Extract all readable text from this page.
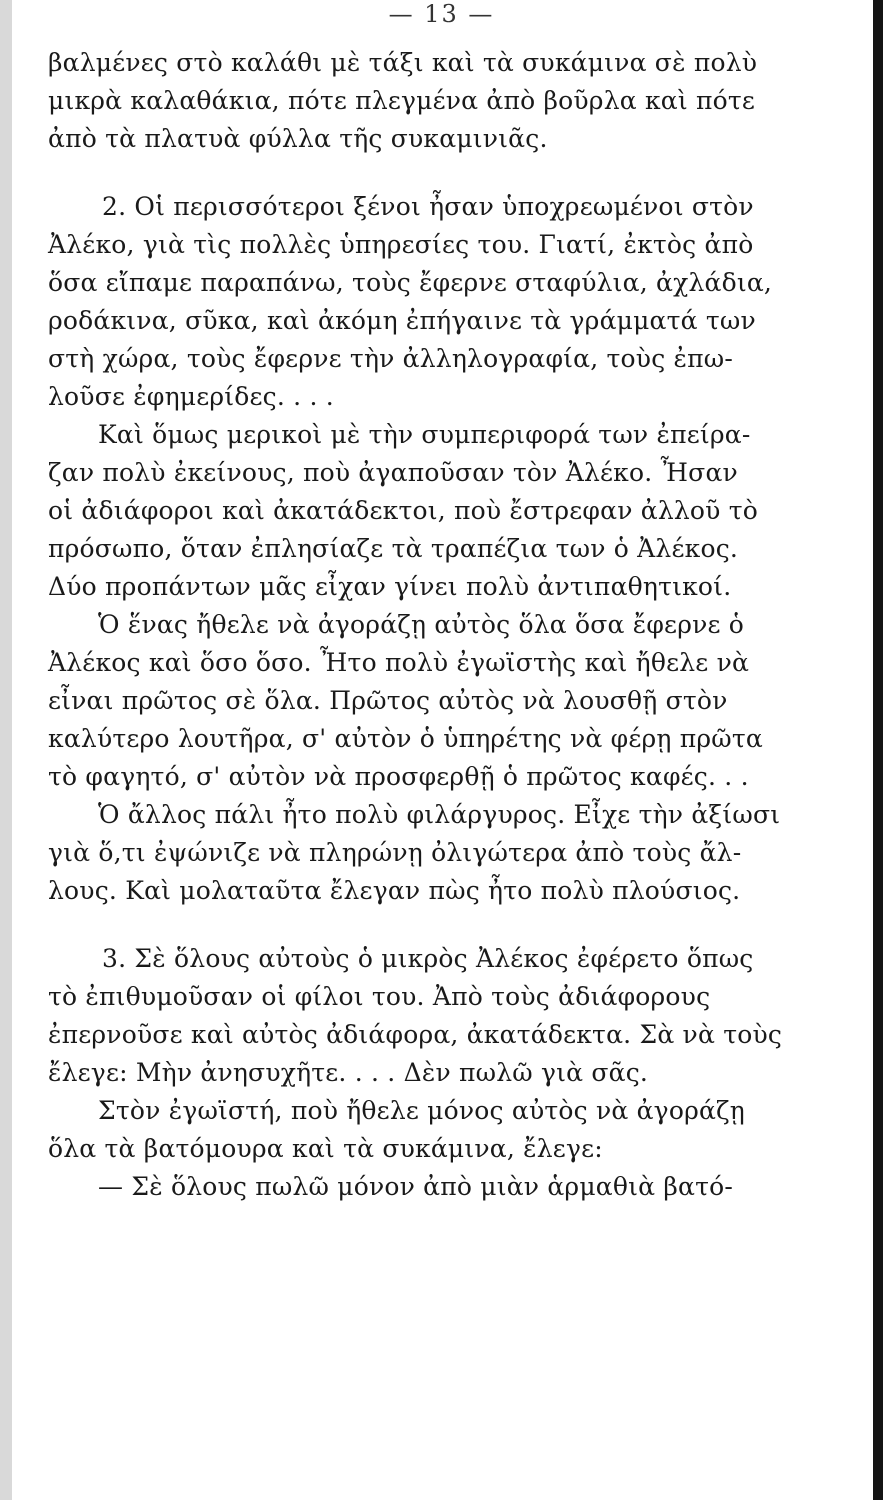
— 13 —
βαλμένες στὸ καλάθι μὲ τάξι καὶ τὰ συκάμινα σὲ πολὺ
μικρὰ καλαθάκια, πότε πλεγμένα ἀπὸ βοῦρλα καὶ πότε
ἀπὸ τὰ πλατυὰ φύλλα τῆς συκαμινιᾶς.
2. Οἱ περισσότεροι ξένοι ἦσαν ὑποχρεωμένοι στὸν
Ἀλέκο, γιὰ τὶς πολλὲς ὑπηρεσίες του. Γιατί, ἐκτὸς ἀπὸ
ὅσα εἴπαμε παραπάνω, τοὺς ἔφερνε σταφύλια, ἀχλάδια,
ροδάκινα, σῦκα, καὶ ἀκόμη ἐπήγαινε τὰ γράμματά των
στὴ χώρα, τοὺς ἔφερνε τὴν ἀλληλογραφία, τοὺς ἐπω-
λοῦσε ἐφημερίδες. . . .
Καὶ ὅμως μερικοὶ μὲ τὴν συμπεριφορά των ἐπείρα-
ζαν πολὺ ἐκείνους, ποὺ ἀγαποῦσαν τὸν Ἀλέκο. Ἦσαν
οἱ ἀδιάφοροι καὶ ἀκατάδεκτοι, ποὺ ἔστρεφαν ἀλλοῦ τὸ
πρόσωπο, ὅταν ἐπλησίαζε τὰ τραπέζια των ὁ Ἀλέκος.
Δύο προπάντων μᾶς εἶχαν γίνει πολὺ ἀντιπαθητικοί.
Ὁ ἕνας ἤθελε νὰ ἀγοράζῃ αὐτὸς ὅλα ὅσα ἔφερνε ὁ
Ἀλέκος καὶ ὅσο ὅσο. Ἦτο πολὺ ἐγωϊστὴς καὶ ἤθελε νὰ
εἶναι πρῶτος σὲ ὅλα. Πρῶτος αὐτὸς νὰ λουσθῇ στὸν
καλύτερο λουτῆρα, σ' αὐτὸν ὁ ὑπηρέτης νὰ φέρῃ πρῶτα
τὸ φαγητό, σ' αὐτὸν νὰ προσφερθῇ ὁ πρῶτος καφές. . .
Ὁ ἄλλος πάλι ἦτο πολὺ φιλάργυρος. Εἶχε τὴν ἀξίωσι
γιὰ ὅ,τι ἐψώνιζε νὰ πληρώνῃ ὀλιγώτερα ἀπὸ τοὺς ἄλ-
λους. Καὶ μολαταῦτα ἔλεγαν πὼς ἦτο πολὺ πλούσιος.
3. Σὲ ὅλους αὐτοὺς ὁ μικρὸς Ἀλέκος ἐφέρετο ὅπως
τὸ ἐπιθυμοῦσαν οἱ φίλοι του. Ἀπὸ τοὺς ἀδιάφορους
ἐπερνοῦσε καὶ αὐτὸς ἀδιάφορα, ἀκατάδεκτα. Σὰ νὰ τοὺς
ἔλεγε: Μὴν ἀνησυχῆτε. . . . Δὲν πωλῶ γιὰ σᾶς.
Στὸν ἐγωϊστή, ποὺ ἤθελε μόνος αὐτὸς νὰ ἀγοράζῃ
ὅλα τὰ βατόμουρα καὶ τὰ συκάμινα, ἔλεγε:
— Σὲ ὅλους πωλῶ μόνον ἀπὸ μιὰν ἁρμαθιὰ βατό-
